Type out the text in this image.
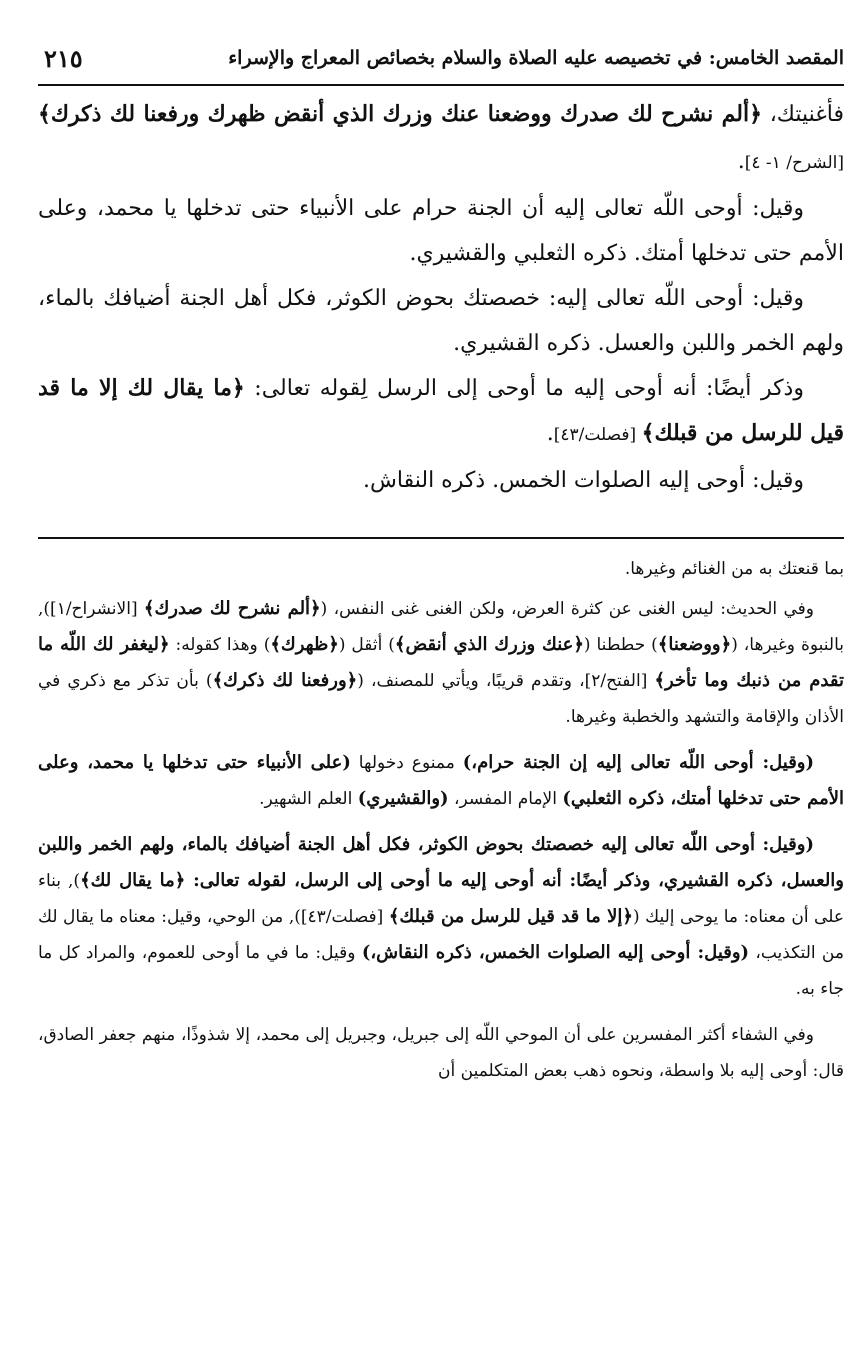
المقصد الخامس: في تخصيصه عليه الصلاة والسلام بخصائص المعراج والإسراء
٢١٥

فأغنيتك، ﴿ألم نشرح لك صدرك ووضعنا عنك وزرك الذي أنقض ظهرك ورفعنا لك ذكرك﴾ [الشرح/ ١- ٤].

وقيل: أوحى اللّه تعالى إليه أن الجنة حرام على الأنبياء حتى تدخلها يا محمد، وعلى الأمم حتى تدخلها أمتك. ذكره الثعلبي والقشيري.

وقيل: أوحى اللّه تعالى إليه: خصصتك بحوض الكوثر، فكل أهل الجنة أضيافك بالماء، ولهم الخمر واللبن والعسل. ذكره القشيري.

وذكر أيضًا: أنه أوحى إليه ما أوحى إلى الرسل لِقوله تعالى: ﴿ما يقال لك إلا ما قد قيل للرسل من قبلك﴾ [فصلت/٤٣].

وقيل: أوحى إليه الصلوات الخمس. ذكره النقاش.

بما قنعتك به من الغنائم وغيرها.

وفي الحديث: ليس الغنى عن كثرة العرض، ولكن الغنى غنى النفس، (﴿ألم نشرح لك صدرك﴾ [الانشراح/١]), بالنبوة وغيرها، (﴿ووضعنا﴾) حططنا (﴿عنك وزرك الذي أنقض﴾) أثقل (﴿ظهرك﴾) وهذا كقوله: ﴿ليغفر لك اللّه ما تقدم من ذنبك وما تأخر﴾ [الفتح/٢]، وتقدم قريبًا، ويأتي للمصنف، (﴿ورفعنا لك ذكرك﴾) بأن تذكر مع ذكري في الأذان والإقامة والتشهد والخطبة وغيرها.

(وقيل: أوحى اللّه تعالى إليه إن الجنة حرام،) ممنوع دخولها (على الأنبياء حتى تدخلها يا محمد، وعلى الأمم حتى تدخلها أمتك، ذكره الثعلبي) الإمام المفسر، (والقشيري) العلم الشهير.

(وقيل: أوحى اللّه تعالى إليه خصصتك بحوض الكوثر، فكل أهل الجنة أضيافك بالماء، ولهم الخمر واللبن والعسل، ذكره القشيري، وذكر أيضًا: أنه أوحى إليه ما أوحى إلى الرسل، لقوله تعالى: ﴿ما يقال لك﴾), بناء على أن معناه: ما يوحى إليك (﴿إلا ما قد قيل للرسل من قبلك﴾ [فصلت/٤٣]), من الوحي، وقيل: معناه ما يقال لك من التكذيب، (وقيل: أوحى إليه الصلوات الخمس، ذكره النقاش،) وقيل: ما في ما أوحى للعموم، والمراد كل ما جاء به.

وفي الشفاء أكثر المفسرين على أن الموحي اللّه إلى جبريل، وجبريل إلى محمد، إلا شذوذًا، منهم جعفر الصادق، قال: أوحى إليه بلا واسطة، ونحوه ذهب بعض المتكلمين أن
